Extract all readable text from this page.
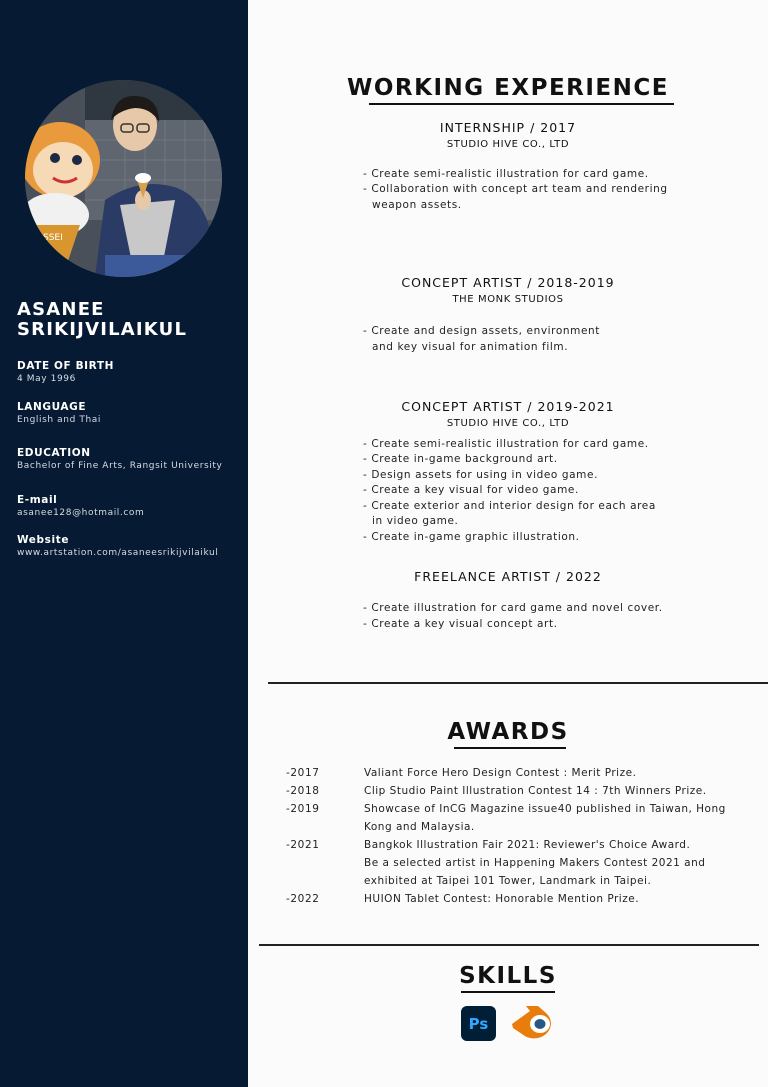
SSEI
ASANEE
SRIKIJVILAIKUL
DATE OF BIRTH
4 May 1996
LANGUAGE
English and Thai
EDUCATION
Bachelor of Fine Arts, Rangsit University
E-mail
asanee128@hotmail.com
Website
www.artstation.com/asaneesrikijvilaikul
WORKING EXPERIENCE
INTERNSHIP / 2017
STUDIO HIVE CO., LTD
- Create semi-realistic illustration for card game.
- Collaboration with concept art team and rendering
weapon assets.
CONCEPT ARTIST / 2018-2019
THE MONK STUDIOS
- Create and design assets, environment
and key visual for animation film.
CONCEPT ARTIST / 2019-2021
STUDIO HIVE CO., LTD
- Create semi-realistic illustration for card game.
- Create in-game background art.
- Design assets for using in video game.
- Create a key visual for video game.
- Create exterior and interior design for each area
in video game.
- Create in-game graphic illustration.
FREELANCE ARTIST / 2022
- Create illustration for card game and novel cover.
- Create a key visual concept art.
AWARDS
-2017	Valiant Force Hero Design Contest : Merit Prize.
-2018	Clip Studio Paint Illustration Contest 14 : 7th Winners Prize.
-2019	Showcase of InCG Magazine issue40 published in Taiwan, Hong
Kong and Malaysia.
-2021	Bangkok Illustration Fair 2021: Reviewer's Choice Award.
Be a selected artist in Happening Makers Contest 2021 and
exhibited at Taipei 101 Tower, Landmark in Taipei.
-2022	HUION Tablet Contest: Honorable Mention Prize.
SKILLS
Ps
